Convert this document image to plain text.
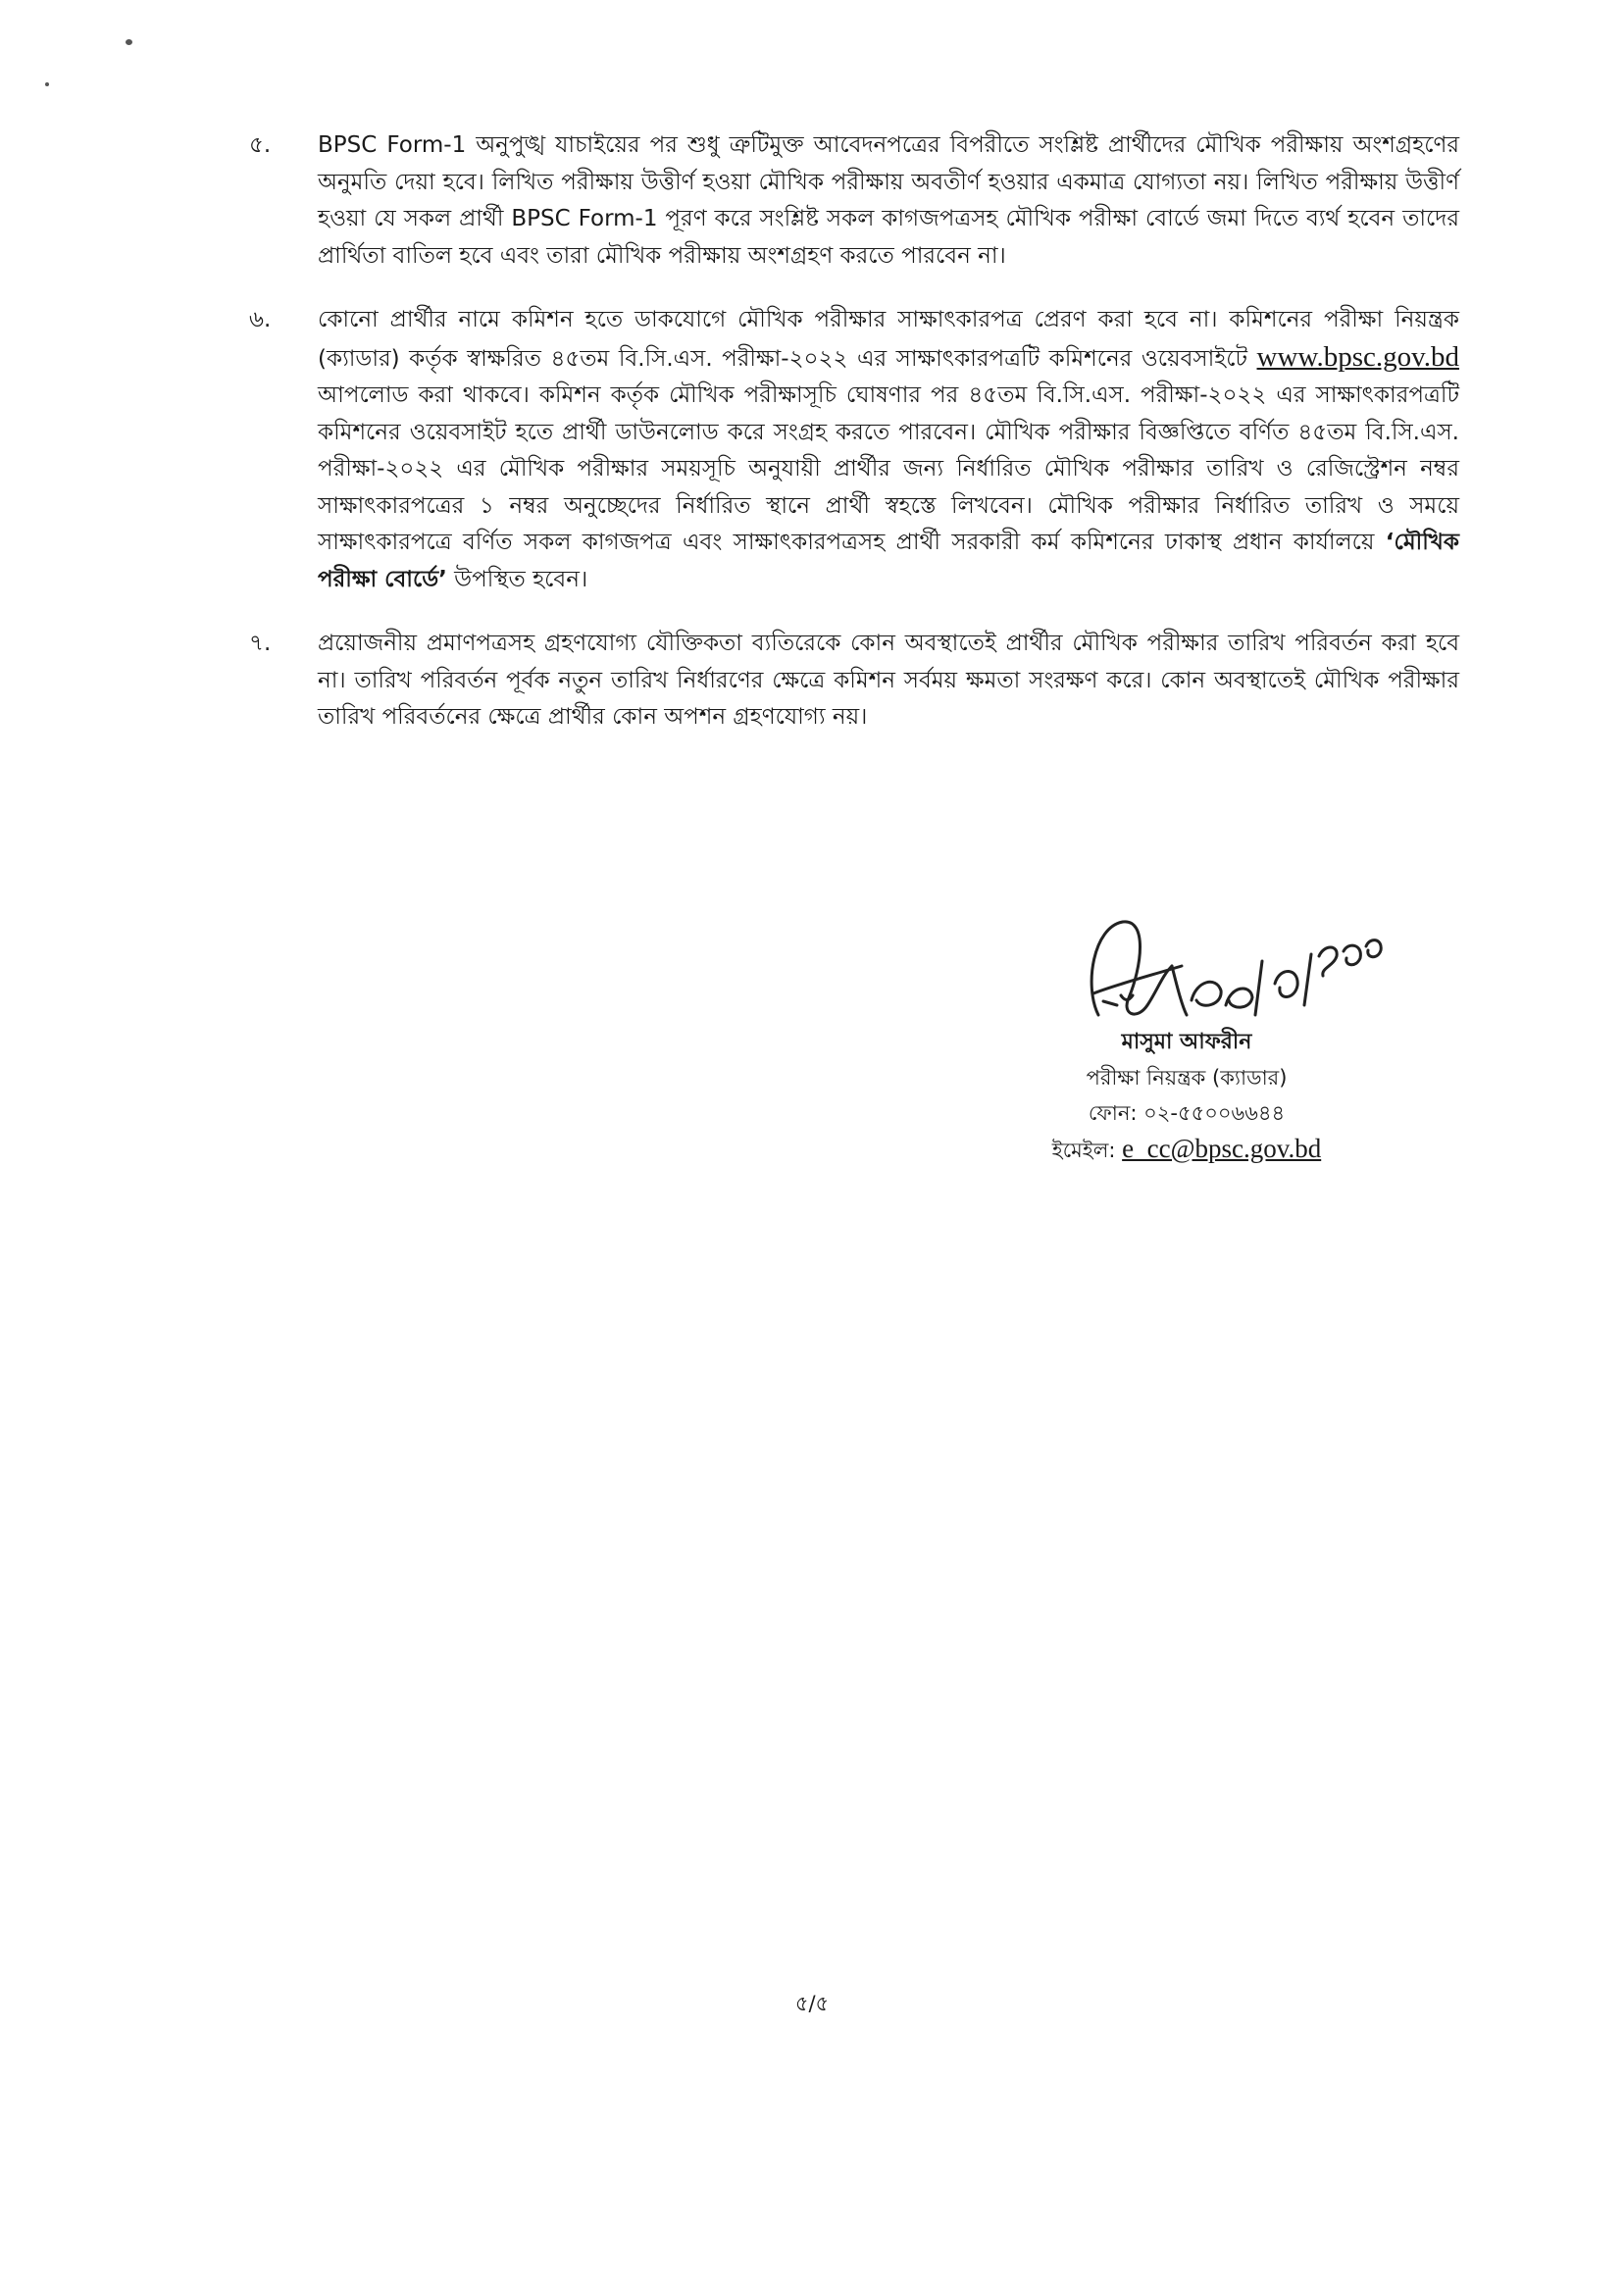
৫. BPSC Form-1 অনুপুঙ্খ যাচাইয়ের পর শুধু ত্রুটিমুক্ত আবেদনপত্রের বিপরীতে সংশ্লিষ্ট প্রার্থীদের মৌখিক পরীক্ষায় অংশগ্রহণের অনুমতি দেয়া হবে। লিখিত পরীক্ষায় উত্তীর্ণ হওয়া মৌখিক পরীক্ষায় অবতীর্ণ হওয়ার একমাত্র যোগ্যতা নয়। লিখিত পরীক্ষায় উত্তীর্ণ হওয়া যে সকল প্রার্থী BPSC Form-1 পূরণ করে সংশ্লিষ্ট সকল কাগজপত্রসহ মৌখিক পরীক্ষা বোর্ডে জমা দিতে ব্যর্থ হবেন তাদের প্রার্থিতা বাতিল হবে এবং তারা মৌখিক পরীক্ষায় অংশগ্রহণ করতে পারবেন না।
৬. কোনো প্রার্থীর নামে কমিশন হতে ডাকযোগে মৌখিক পরীক্ষার সাক্ষাৎকারপত্র প্রেরণ করা হবে না। কমিশনের পরীক্ষা নিয়ন্ত্রক (ক্যাডার) কর্তৃক স্বাক্ষরিত ৪৫তম বি.সি.এস. পরীক্ষা-২০২২ এর সাক্ষাৎকারপত্রটি কমিশনের ওয়েবসাইটে www.bpsc.gov.bd আপলোড করা থাকবে। কমিশন কর্তৃক মৌখিক পরীক্ষাসূচি ঘোষণার পর ৪৫তম বি.সি.এস. পরীক্ষা-২০২২ এর সাক্ষাৎকারপত্রটি কমিশনের ওয়েবসাইট হতে প্রার্থী ডাউনলোড করে সংগ্রহ করতে পারবেন। মৌখিক পরীক্ষার বিজ্ঞপ্তিতে বর্ণিত ৪৫তম বি.সি.এস. পরীক্ষা-২০২২ এর মৌখিক পরীক্ষার সময়সূচি অনুযায়ী প্রার্থীর জন্য নির্ধারিত মৌখিক পরীক্ষার তারিখ ও রেজিস্ট্রেশন নম্বর সাক্ষাৎকারপত্রের ১ নম্বর অনুচ্ছেদের নির্ধারিত স্থানে প্রার্থী স্বহস্তে লিখবেন। মৌখিক পরীক্ষার নির্ধারিত তারিখ ও সময়ে সাক্ষাৎকারপত্রে বর্ণিত সকল কাগজপত্র এবং সাক্ষাৎকারপত্রসহ প্রার্থী সরকারী কর্ম কমিশনের ঢাকাস্থ প্রধান কার্যালয়ে ‘মৌখিক পরীক্ষা বোর্ডে’ উপস্থিত হবেন।
৭. প্রয়োজনীয় প্রমাণপত্রসহ গ্রহণযোগ্য যৌক্তিকতা ব্যতিরেকে কোন অবস্থাতেই প্রার্থীর মৌখিক পরীক্ষার তারিখ পরিবর্তন করা হবে না। তারিখ পরিবর্তন পূর্বক নতুন তারিখ নির্ধারণের ক্ষেত্রে কমিশন সর্বময় ক্ষমতা সংরক্ষণ করে। কোন অবস্থাতেই মৌখিক পরীক্ষার তারিখ পরিবর্তনের ক্ষেত্রে প্রার্থীর কোন অপশন গ্রহণযোগ্য নয়।
মাসুমা আফরীন
পরীক্ষা নিয়ন্ত্রক (ক্যাডার)
ফোন: ০২-৫৫০০৬৬৪৪
ইমেইল: e_cc@bpsc.gov.bd
৫/৫
